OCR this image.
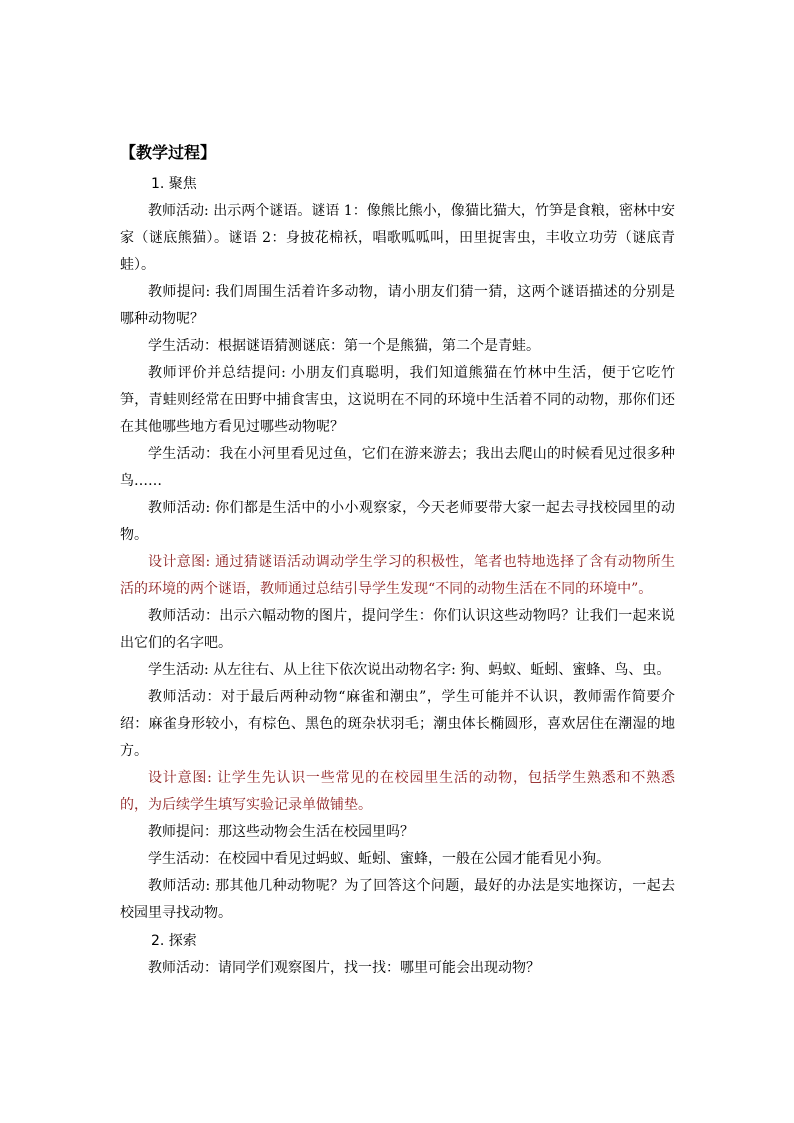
【教学过程】
1. 聚焦

教师活动: 出示两个谜语。谜语 1：像熊比熊小，像猫比猫大，竹笋是食粮，密林中安家（谜底熊猫）。谜语 2：身披花棉袄，唱歌呱呱叫，田里捉害虫，丰收立功劳（谜底青蛙）。

教师提问: 我们周围生活着许多动物，请小朋友们猜一猜，这两个谜语描述的分别是哪种动物呢？

学生活动：根据谜语猜测谜底：第一个是熊猫，第二个是青蛙。

教师评价并总结提问: 小朋友们真聪明，我们知道熊猫在竹林中生活，便于它吃竹笋，青蛙则经常在田野中捕食害虫，这说明在不同的环境中生活着不同的动物，那你们还在其他哪些地方看见过哪些动物呢？

学生活动：我在小河里看见过鱼，它们在游来游去；我出去爬山的时候看见过很多种鸟……

教师活动: 你们都是生活中的小小观察家，今天老师要带大家一起去寻找校园里的动物。

设计意图: 通过猜谜语活动调动学生学习的积极性，笔者也特地选择了含有动物所生活的环境的两个谜语，教师通过总结引导学生发现“不同的动物生活在不同的环境中”。

教师活动：出示六幅动物的图片，提问学生：你们认识这些动物吗？让我们一起来说出它们的名字吧。

学生活动: 从左往右、从上往下依次说出动物名字: 狗、蚂蚁、蚯蚓、蜜蜂、鸟、虫。

教师活动：对于最后两种动物“麻雀和潮虫”，学生可能并不认识，教师需作简要介绍：麻雀身形较小，有棕色、黑色的斑杂状羽毛；潮虫体长椭圆形，喜欢居住在潮湿的地方。

设计意图: 让学生先认识一些常见的在校园里生活的动物，包括学生熟悉和不熟悉的，为后续学生填写实验记录单做铺垫。

教师提问：那这些动物会生活在校园里吗？

学生活动：在校园中看见过蚂蚁、蚯蚓、蜜蜂，一般在公园才能看见小狗。

教师活动: 那其他几种动物呢？为了回答这个问题，最好的办法是实地探访，一起去校园里寻找动物。

2. 探索

教师活动：请同学们观察图片，找一找：哪里可能会出现动物？
